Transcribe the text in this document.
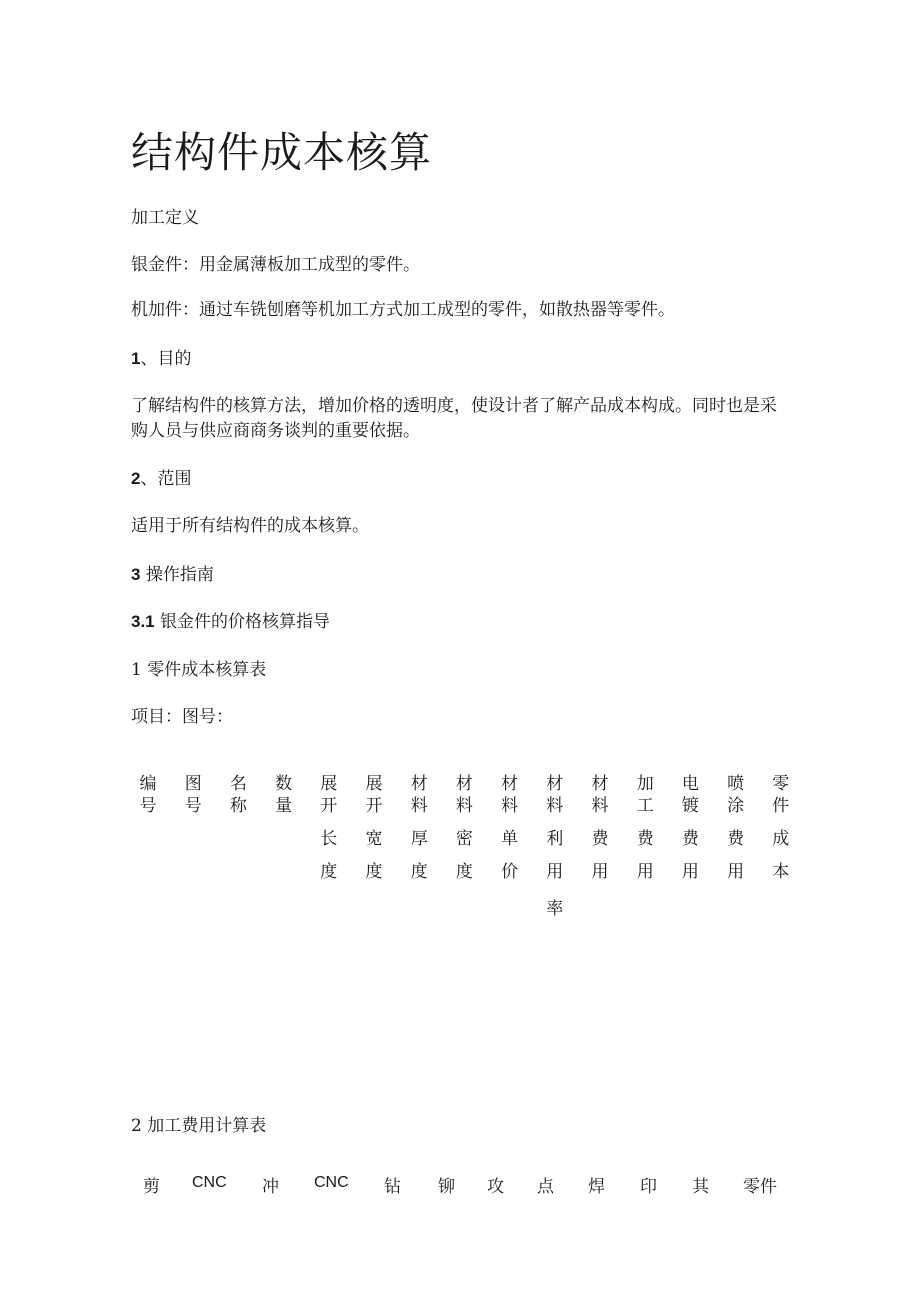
结构件成本核算

加工定义

银金件：用金属薄板加工成型的零件。

机加件：通过车铣刨磨等机加工方式加工成型的零件，如散热器等零件。

1、目的

了解结构件的核算方法，增加价格的透明度，使设计者了解产品成本构成。同时也是采购人员与供应商商务谈判的重要依据。

2、范围

适用于所有结构件的成本核算。

3 操作指南

3.1 银金件的价格核算指导

1 零件成本核算表

项目：图号：

编
号
图
号
名
称
数
量
展
开
长
度
展
开
宽
度
材
料
厚
度
材
料
密
度
材
料
单
价
材
料
利
用
率
材
料
费
用
加
工
费
用
电
镀
费
用
喷
涂
费
用
零
件
成
本

2 加工费用计算表

剪 CNC 冲 CNC 钻 铆 攻 点 焊 印 其 零件
